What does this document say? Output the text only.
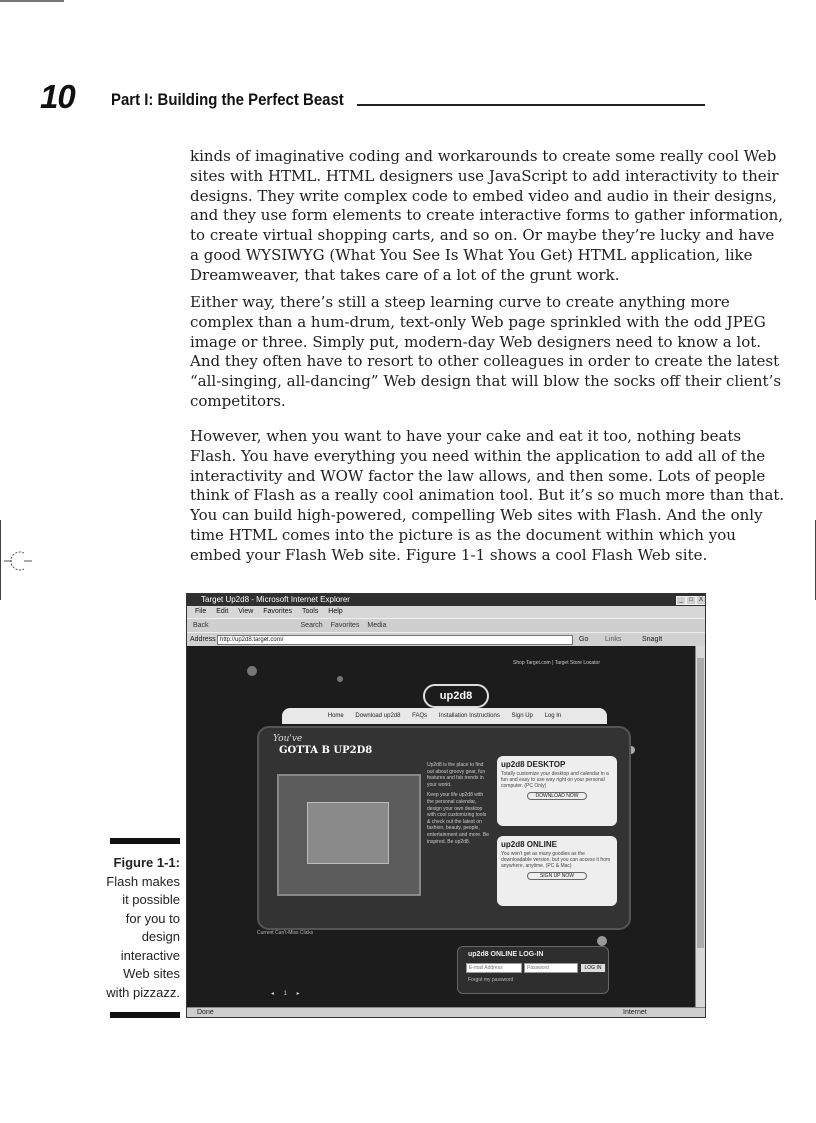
10 Part I: Building the Perfect Beast
kinds of imaginative coding and workarounds to create some really cool Web
sites with HTML. HTML designers use JavaScript to add interactivity to their
designs. They write complex code to embed video and audio in their designs,
and they use form elements to create interactive forms to gather information,
to create virtual shopping carts, and so on. Or maybe they’re lucky and have
a good WYSIWYG (What You See Is What You Get) HTML application, like
Dreamweaver, that takes care of a lot of the grunt work.
Either way, there’s still a steep learning curve to create anything more
complex than a hum-drum, text-only Web page sprinkled with the odd JPEG
image or three. Simply put, modern-day Web designers need to know a lot.
And they often have to resort to other colleagues in order to create the latest
“all-singing, all-dancing” Web design that will blow the socks off their client’s
competitors.
However, when you want to have your cake and eat it too, nothing beats
Flash. You have everything you need within the application to add all of the
interactivity and WOW factor the law allows, and then some. Lots of people
think of Flash as a really cool animation tool. But it’s so much more than that.
You can build high-powered, compelling Web sites with Flash. And the only
time HTML comes into the picture is as the document within which you
embed your Flash Web site. Figure 1-1 shows a cool Flash Web site.
Figure 1-1:
Flash makes
it possible
for you to
design
interactive
Web sites
with pizzazz.
Target Up2d8 - Microsoft Internet Explorer	_	□	X
File Edit View Favorites Tools Help
Back	Search Favorites Media
Address http://up2d8.target.com/	Go Links	SnagIt
Shop Target.com | Target Store Locator
up2d8
Home Download up2d8 FAQs Installation Instructions Sign Up Log In
You've
GOTTA B UP2D8
Up2d8 is the place to find out about groovy gear, fun features and fab trends in your world.
Keep your life up2d8 with the personal calendar, design your own desktop with cool customizing tools & check out the latest on fashion, beauty, people, entertainment and more. Be inspired. Be up2d8.
up2d8 DESKTOP
Totally customize your desktop and calendar in a fun and easy to use way right on your personal computer. (PC Only)
DOWNLOAD NOW
up2d8 ONLINE
You won't get as many goodies as the downloadable version, but you can access it from anywhere, anytime. (PC & Mac)
SIGN UP NOW
Current Can't-Miss Clicks
up2d8 ONLINE LOG-IN
E-mail Address	Password	LOG IN
Forgot my password
◂ 1 ▸
Done	Internet
